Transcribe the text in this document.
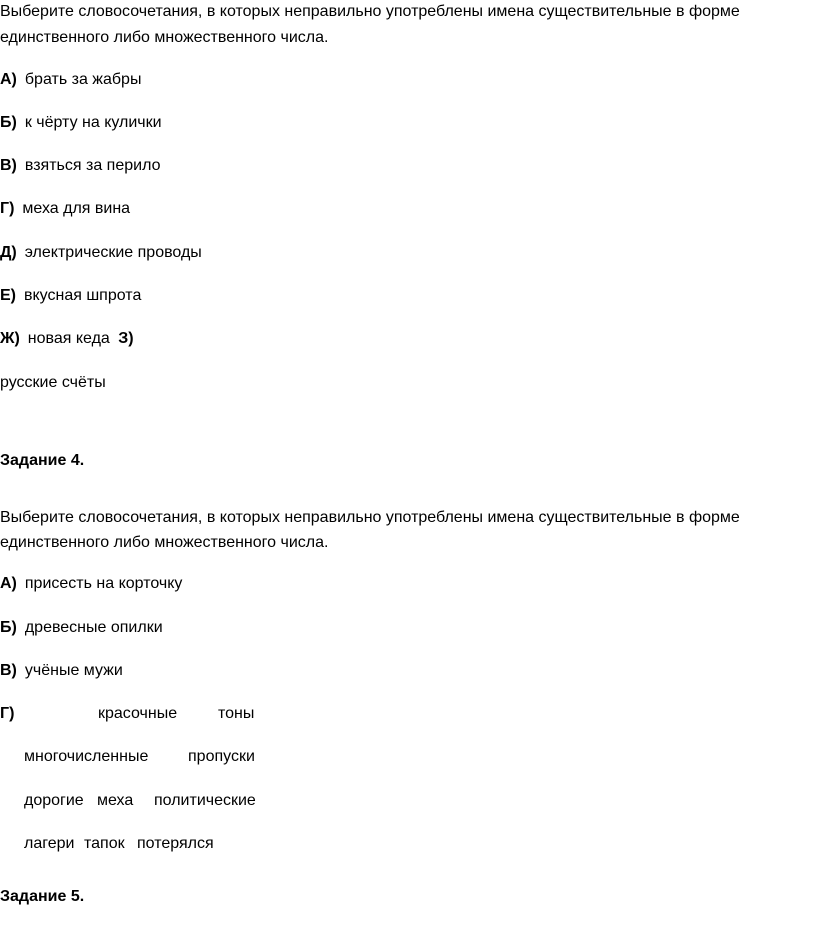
Выберите словосочетания, в которых неправильно употреблены имена существительные в форме
единственного либо множественного числа.
А) брать за жабры
Б) к чёрту на кулички
В) взяться за перило
Г) меха для вина
Д) электрические проводы
Е) вкусная шпрота
Ж) новая кеда З)
русские счёты
Задание 4.
Выберите словосочетания, в которых неправильно употреблены имена существительные в форме
единственного либо множественного числа.
А) присесть на корточку
Б) древесные опилки
В) учёные мужи
Г)	красочные	тоны
многочисленные пропуски
дорогие меха политические
лагери тапок потерялся
Задание 5.
